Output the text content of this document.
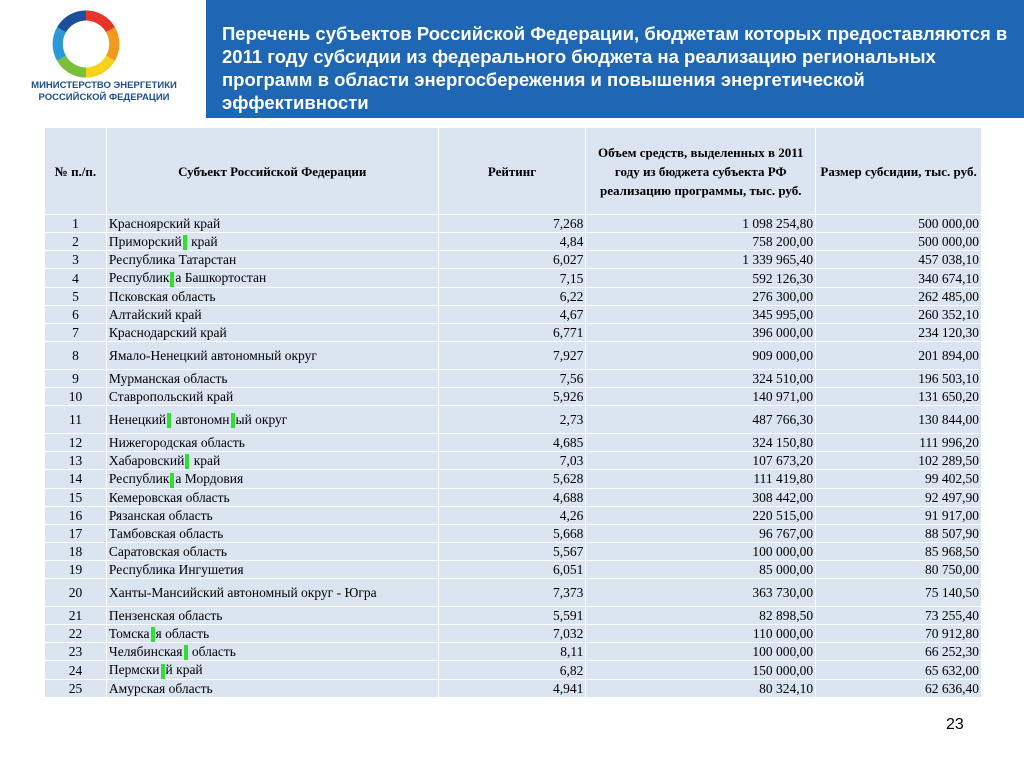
МИНИСТЕРСТВО ЭНЕРГЕТИКИ
РОССИЙСКОЙ ФЕДЕРАЦИИ
Перечень субъектов Российской Федерации, бюджетам которых предоставляются в 2011 году субсидии из федерального бюджета на реализацию региональных программ в области энергосбережения и повышения энергетической эффективности
№ п./п.	Субъект Российской Федерации	Рейтинг	Объем средств, выделенных в 2011 году из бюджета субъекта РФ реализацию программы, тыс. руб.	Размер субсидии, тыс. руб.
1	Красноярский край	7,268	1 098 254,80	500 000,00
2	Приморский край	4,84	758 200,00	500 000,00
3	Республика Татарстан	6,027	1 339 965,40	457 038,10
4	Республик а Башкортостан	7,15	592 126,30	340 674,10
5	Псковская область	6,22	276 300,00	262 485,00
6	Алтайский край	4,67	345 995,00	260 352,10
7	Краснодарский край	6,771	396 000,00	234 120,30
8	Ямало-Ненецкий автономный округ	7,927	909 000,00	201 894,00
9	Мурманская область	7,56	324 510,00	196 503,10
10	Ставропольский край	5,926	140 971,00	131 650,20
11	Ненецкий автономн ый округ	2,73	487 766,30	130 844,00
12	Нижегородская область	4,685	324 150,80	111 996,20
13	Хабаровский край	7,03	107 673,20	102 289,50
14	Республик а Мордовия	5,628	111 419,80	99 402,50
15	Кемеровская область	4,688	308 442,00	92 497,90
16	Рязанская область	4,26	220 515,00	91 917,00
17	Тамбовская область	5,668	96 767,00	88 507,90
18	Саратовская область	5,567	100 000,00	85 968,50
19	Республика Ингушетия	6,051	85 000,00	80 750,00
20	Ханты-Мансийский автономный округ - Югра	7,373	363 730,00	75 140,50
21	Пензенская область	5,591	82 898,50	73 255,40
22	Томска я область	7,032	110 000,00	70 912,80
23	Челябинская область	8,11	100 000,00	66 252,30
24	Пермски й край	6,82	150 000,00	65 632,00
25	Амурская область	4,941	80 324,10	62 636,40
23
